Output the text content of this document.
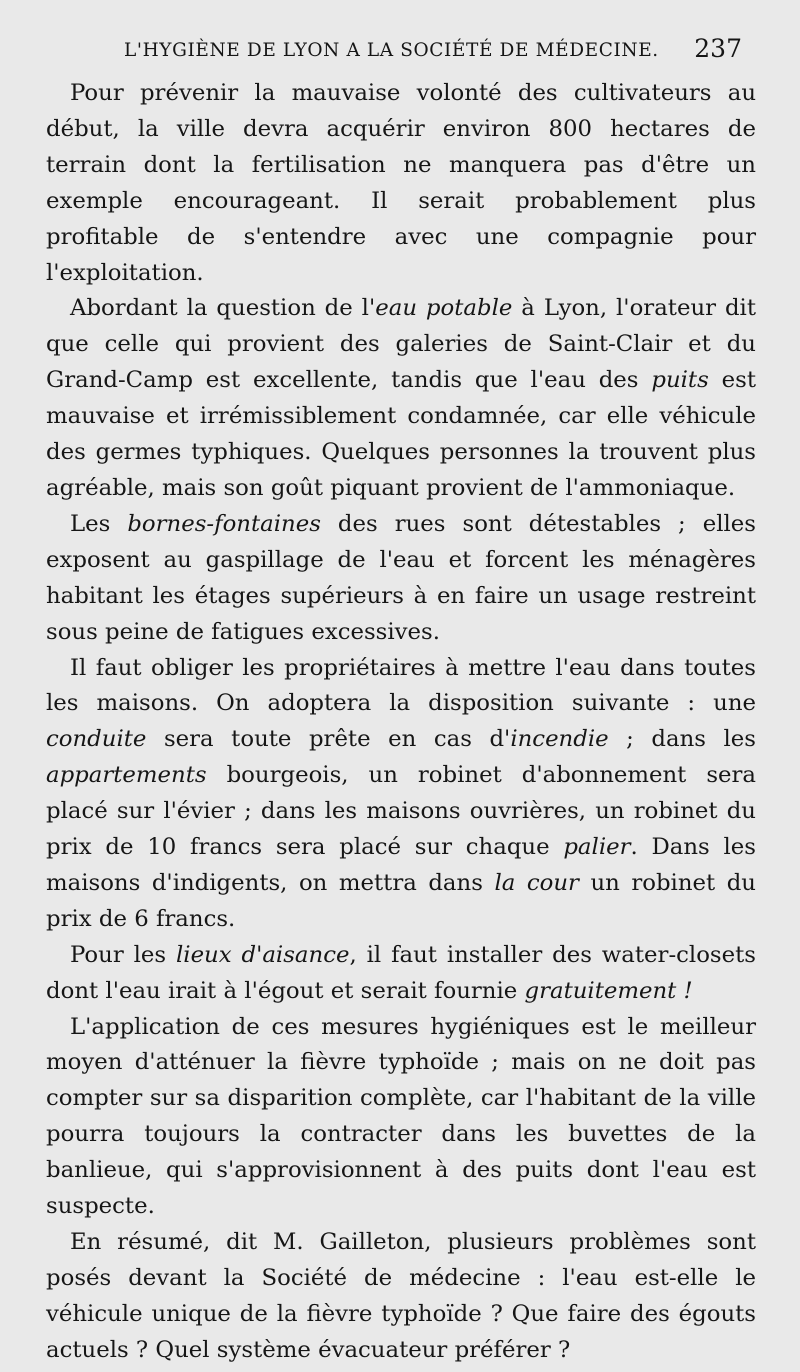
L'HYGIÈNE DE LYON A LA SOCIÉTÉ DE MÉDECINE. 237

Pour prévenir la mauvaise volonté des cultivateurs au début, la ville devra acquérir environ 800 hectares de terrain dont la fertilisation ne manquera pas d'être un exemple encourageant. Il serait probablement plus profitable de s'entendre avec une compagnie pour l'exploitation.

Abordant la question de l'eau potable à Lyon, l'orateur dit que celle qui provient des galeries de Saint-Clair et du Grand-Camp est excellente, tandis que l'eau des puits est mauvaise et irrémissiblement condamnée, car elle véhicule des germes typhiques. Quelques personnes la trouvent plus agréable, mais son goût piquant provient de l'ammoniaque.

Les bornes-fontaines des rues sont détestables ; elles exposent au gaspillage de l'eau et forcent les ménagères habitant les étages supérieurs à en faire un usage restreint sous peine de fatigues excessives.

Il faut obliger les propriétaires à mettre l'eau dans toutes les maisons. On adoptera la disposition suivante : une conduite sera toute prête en cas d'incendie ; dans les appartements bourgeois, un robinet d'abonnement sera placé sur l'évier ; dans les maisons ouvrières, un robinet du prix de 10 francs sera placé sur chaque palier. Dans les maisons d'indigents, on mettra dans la cour un robinet du prix de 6 francs.

Pour les lieux d'aisance, il faut installer des water-closets dont l'eau irait à l'égout et serait fournie gratuitement !

L'application de ces mesures hygiéniques est le meilleur moyen d'atténuer la fièvre typhoïde ; mais on ne doit pas compter sur sa disparition complète, car l'habitant de la ville pourra toujours la contracter dans les buvettes de la banlieue, qui s'approvisionnent à des puits dont l'eau est suspecte.

En résumé, dit M. Gailleton, plusieurs problèmes sont posés devant la Société de médecine : l'eau est-elle le véhicule unique de la fièvre typhoïde ? Que faire des égouts actuels ? Quel système évacuateur préférer ?
